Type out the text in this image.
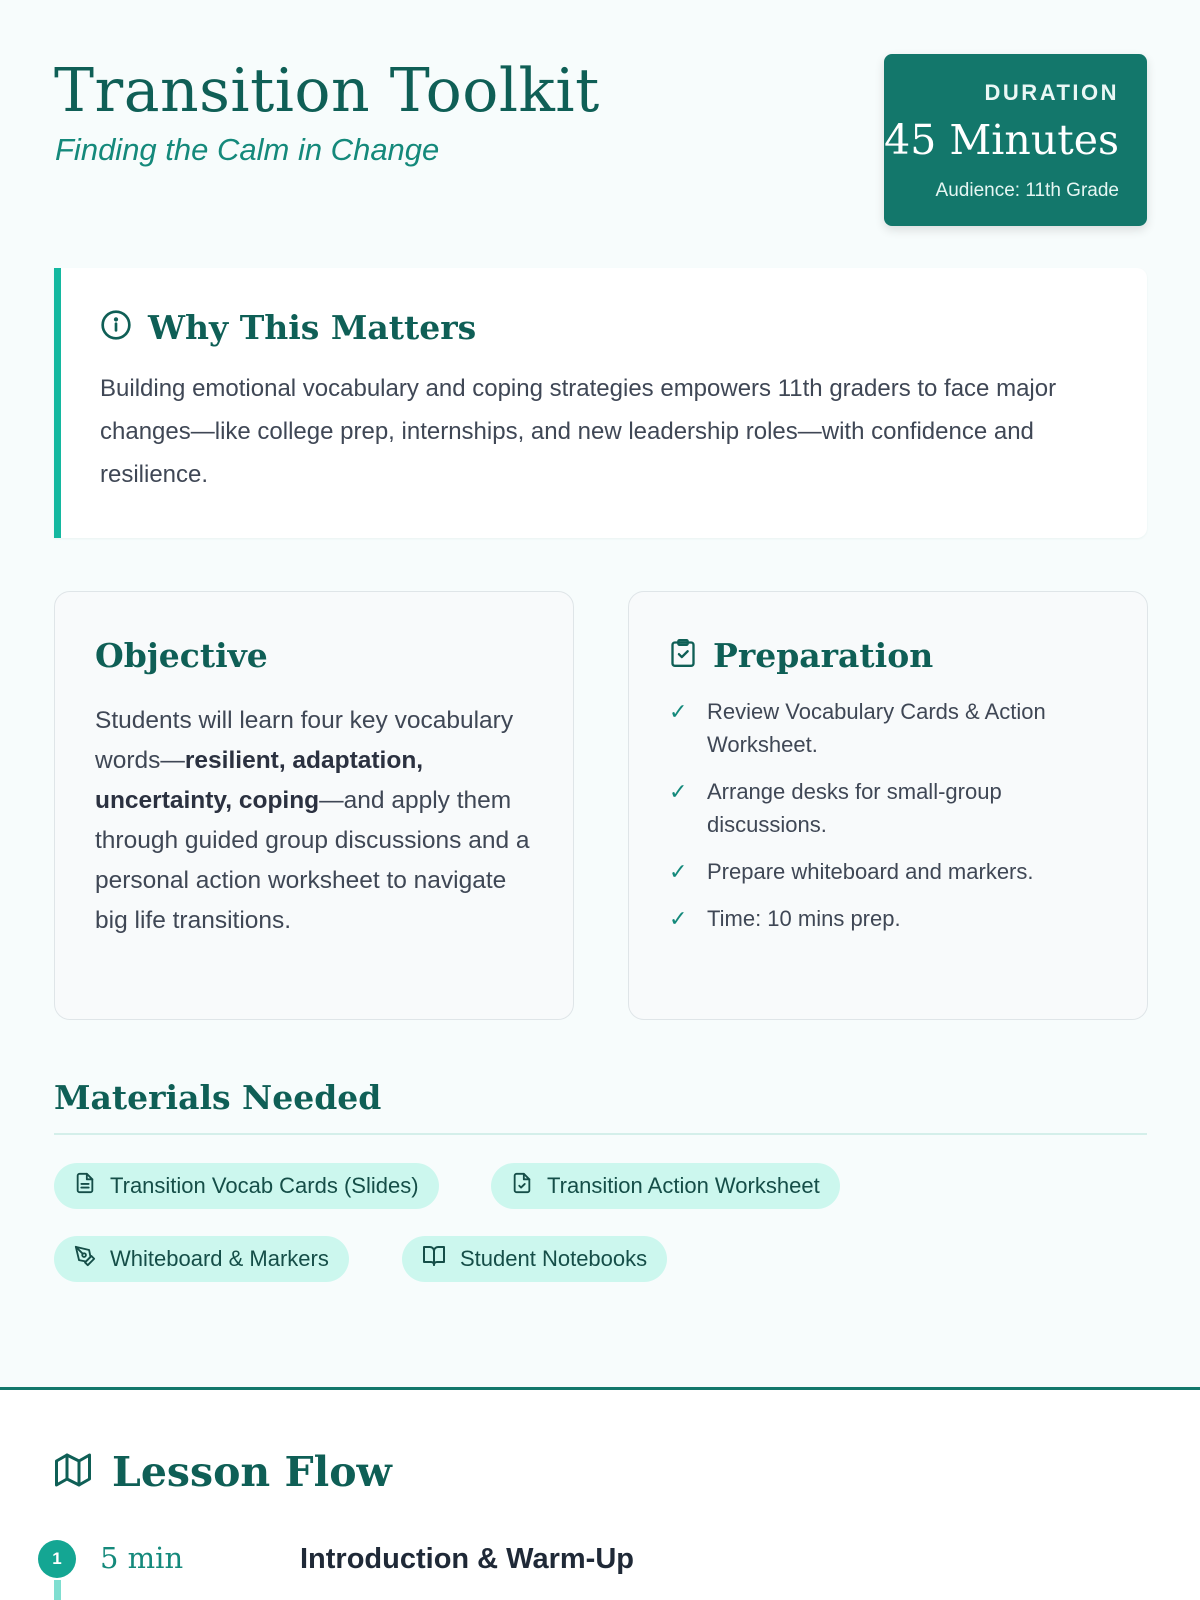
Transition Toolkit
Finding the Calm in Change
DURATION
45 Minutes
Audience: 11th Grade
Why This Matters

Building emotional vocabulary and coping strategies empowers 11th graders to face major changes—like college prep, internships, and new leadership roles—with confidence and resilience.

Objective

Students will learn four key vocabulary words—resilient, adaptation, uncertainty, coping—and apply them through guided group discussions and a personal action worksheet to navigate big life transitions.

Preparation
✓ Review Vocabulary Cards & Action Worksheet.
✓ Arrange desks for small-group discussions.
✓ Prepare whiteboard and markers.
✓ Time: 10 mins prep.
Materials Needed
Transition Vocab Cards (Slides)	Transition Action Worksheet
Whiteboard & Markers	Student Notebooks
Lesson Flow
1	5 min	Introduction & Warm-Up
